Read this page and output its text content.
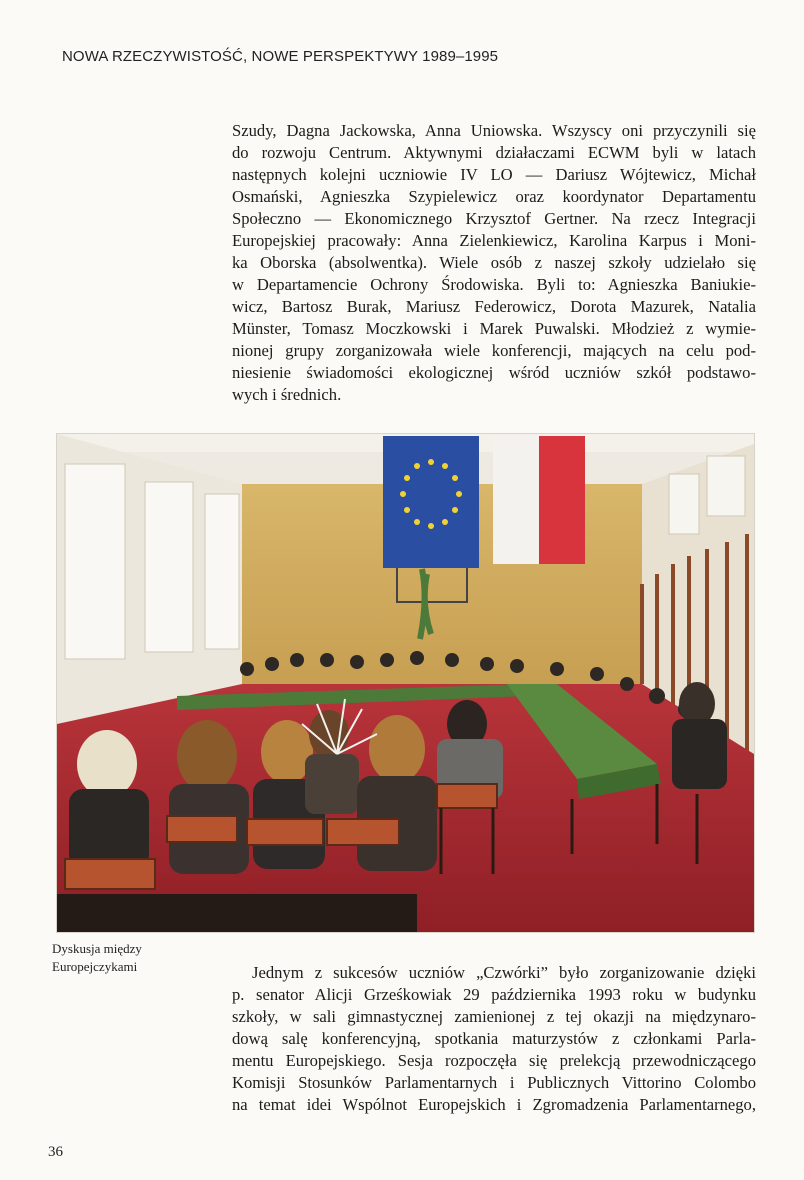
NOWA RZECZYWISTOŚĆ, NOWE PERSPEKTYWY 1989–1995
Szudy, Dagna Jackowska, Anna Uniowska. Wszyscy oni przyczynili się
do rozwoju Centrum. Aktywnymi działaczami ECWM byli w latach
następnych kolejni uczniowie IV LO — Dariusz Wójtewicz, Michał
Osmański, Agnieszka Szypielewicz oraz koordynator Departamentu
Społeczno — Ekonomicznego Krzysztof Gertner. Na rzecz Integracji
Europejskiej pracowały: Anna Zielenkiewicz, Karolina Karpus i Moni-
ka Oborska (absolwentka). Wiele osób z naszej szkoły udzielało się
w Departamencie Ochrony Środowiska. Byli to: Agnieszka Baniukie-
wicz, Bartosz Burak, Mariusz Federowicz, Dorota Mazurek, Natalia
Münster, Tomasz Moczkowski i Marek Puwalski. Młodzież z wymie-
nionej grupy zorganizowała wiele konferencji, mających na celu pod-
niesienie świadomości ekologicznej wśród uczniów szkół podstawo-
wych i średnich.
Dyskusja między
Europejczykami	Jednym z sukcesów uczniów „Czwórki” było zorganizowanie dzięki
p. senator Alicji Grześkowiak 29 października 1993 roku w budynku
szkoły, w sali gimnastycznej zamienionej z tej okazji na międzynaro-
dową salę konferencyjną, spotkania maturzystów z członkami Parla-
mentu Europejskiego. Sesja rozpoczęła się prelekcją przewodniczącego
Komisji Stosunków Parlamentarnych i Publicznych Vittorino Colombo
na temat idei Wspólnot Europejskich i Zgromadzenia Parlamentarnego,
36
